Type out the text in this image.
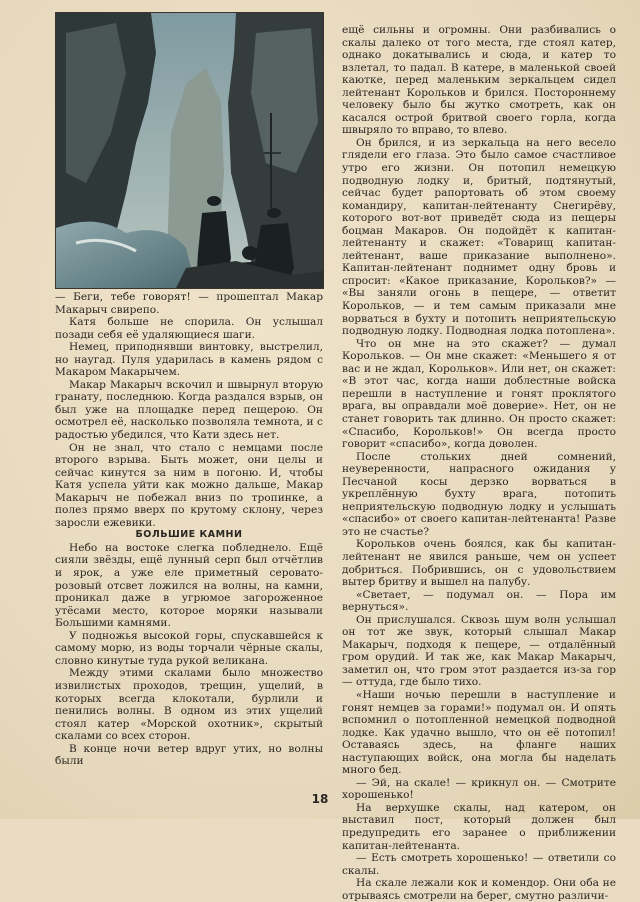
— Беги, тебе говорят! — прошептал Макар Макарыч свирепо.

Катя больше не спорила. Он услышал позади себя её удаляющиеся шаги.

Немец, приподнявши винтовку, выстрелил, но наугад. Пуля ударилась в камень рядом с Макаром Макарычем.

Макар Макарыч вскочил и швырнул вторую гранату, последнюю. Когда раздался взрыв, он был уже на площадке перед пещерою. Он осмотрел её, насколько позволяла темнота, и с радостью убедился, что Кати здесь нет.

Он не знал, что стало с немцами после второго взрыва. Быть может, они целы и сейчас кинутся за ним в погоню. И, чтобы Катя успела уйти как можно дальше, Макар Макарыч не побежал вниз по тропинке, а полез прямо вверх по крутому склону, через заросли ежевики.

БОЛЬШИЕ КАМНИ

Небо на востоке слегка побледнело. Ещё сияли звёзды, ещё лунный серп был отчётлив и ярок, а уже еле приметный серовато-розовый отсвет ложился на волны, на камни, проникал даже в угрюмое загороженное утёсами место, которое моряки называли Большими камнями.

У подножья высокой горы, спускавшейся к самому морю, из воды торчали чёрные скалы, словно кинутые туда рукой великана.

Между этими скалами было множество извилистых проходов, трещин, ущелий, в которых всегда клокотали, бурлили и пенились волны. В одном из этих ущелий стоял катер «Морской охотник», скрытый скалами со всех сторон.

В конце ночи ветер вдруг утих, но волны были

ещё сильны и огромны. Они разбивались о скалы далеко от того места, где стоял катер, однако докатывались и сюда, и катер то взлетал, то падал. В катере, в маленькой своей каютке, перед маленьким зеркальцем сидел лейтенант Корольков и брился. Постороннему человеку было бы жутко смотреть, как он касался острой бритвой своего горла, когда швыряло то вправо, то влево.

Он брился, и из зеркальца на него весело глядели его глаза. Это было самое счастливое утро его жизни. Он потопил немецкую подводную лодку и, бритый, подтянутый, сейчас будет рапортовать об этом своему командиру, капитан-лейтенанту Снегирёву, которого вот-вот приведёт сюда из пещеры боцман Макаров. Он подойдёт к капитан-лейтенанту и скажет: «Товарищ капитан-лейтенант, ваше приказание выполнено». Капитан-лейтенант поднимет одну бровь и спросит: «Какое приказание, Корольков?» — «Вы заняли огонь в пещере, — ответит Корольков, — и тем самым приказали мне ворваться в бухту и потопить неприятельскую подводную лодку. Подводная лодка потоплена».

Что он мне на это скажет? — думал Корольков. — Он мне скажет: «Меньшего я от вас и не ждал, Корольков». Или нет, он скажет: «В этот час, когда наши доблестные войска перешли в наступление и гонят проклятого врага, вы оправдали моё доверие». Нет, он не станет говорить так длинно. Он просто скажет: «Спасибо, Корольков!» Он всегда просто говорит «спасибо», когда доволен.

После стольких дней сомнений, неуверенности, напрасного ожидания у Песчаной косы дерзко ворваться в укреплённую бухту врага, потопить неприятельскую подводную лодку и услышать «спасибо» от своего капитан-лейтенанта! Разве это не счастье?

Корольков очень боялся, как бы капитан-лейтенант не явился раньше, чем он успеет добриться. Побрившись, он с удовольствием вытер бритву и вышел на палубу.

«Светает, — подумал он. — Пора им вернуться».

Он прислушался. Сквозь шум волн услышал он тот же звук, который слышал Макар Макарыч, подходя к пещере, — отдалённый гром орудий. И так же, как Макар Макарыч, заметил он, что гром этот раздается из-за гор — оттуда, где было тихо.

«Наши ночью перешли в наступление и гонят немцев за горами!» подумал он. И опять вспомнил о потопленной немецкой подводной лодке. Как удачно вышло, что он её потопил! Оставаясь здесь, на фланге наших наступающих войск, она могла бы наделать много бед.

— Эй, на скале! — крикнул он. — Смотрите хорошенько!

На верхушке скалы, над катером, он выставил пост, который должен был предупредить его заранее о приближении капитан-лейтенанта.

— Есть смотреть хорошенько! — ответили со скалы.

На скале лежали кок и комендор. Они оба не отрываясь смотрели на берег, смутно различи-

18
